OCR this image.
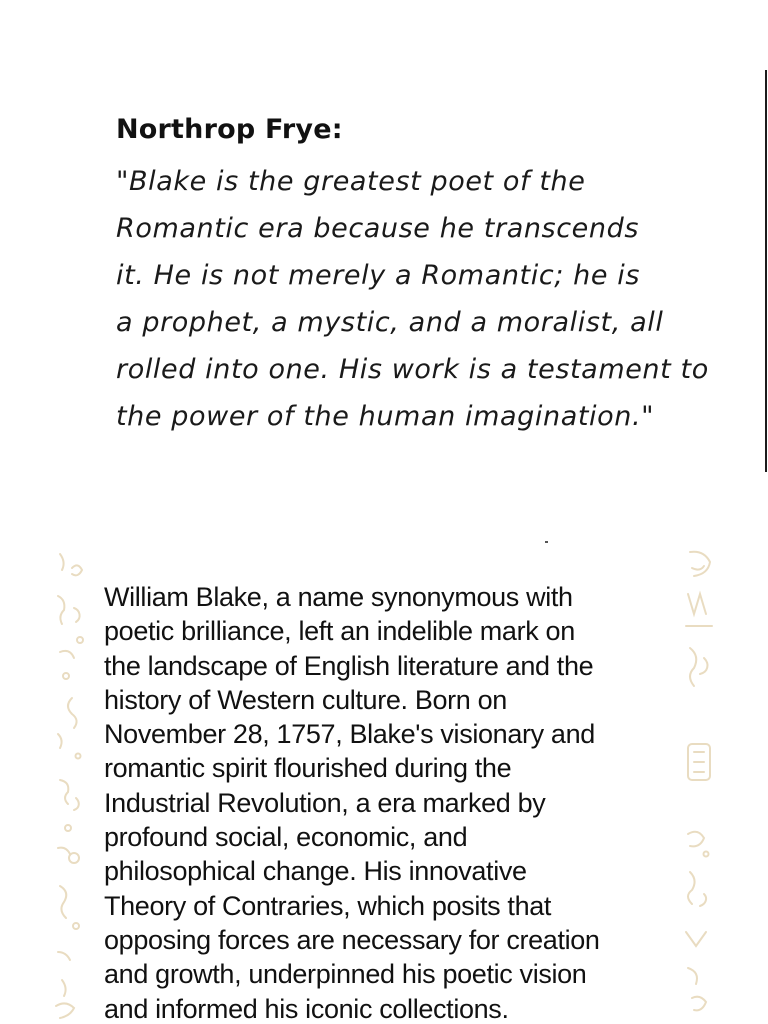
Northrop Frye:
"Blake is the greatest poet of the
Romantic era because he transcends
it. He is not merely a Romantic; he is
a prophet, a mystic, and a moralist, all
rolled into one. His work is a testament to
the power of the human imagination."
William Blake, a name synonymous with
poetic brilliance, left an indelible mark on
the landscape of English literature and the
history of Western culture. Born on
November 28, 1757, Blake's visionary and
romantic spirit flourished during the
Industrial Revolution, a era marked by
profound social, economic, and
philosophical change. His innovative
Theory of Contraries, which posits that
opposing forces are necessary for creation
and growth, underpinned his poetic vision
and informed his iconic collections.
